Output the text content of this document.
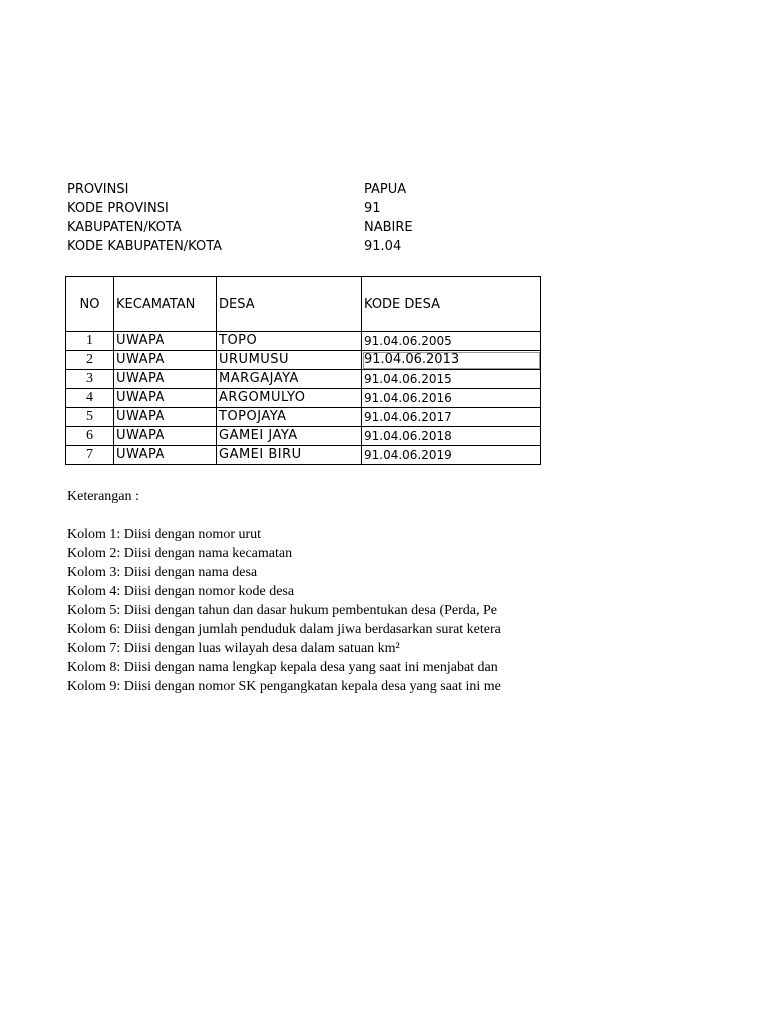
PROVINSI	PAPUA
KODE PROVINSI	91
KABUPATEN/KOTA	NABIRE
KODE KABUPATEN/KOTA	91.04
NO	KECAMATAN	DESA	KODE DESA
1	UWAPA	TOPO	91.04.06.2005
2	UWAPA	URUMUSU	91.04.06.2013
3	UWAPA	MARGAJAYA	91.04.06.2015
4	UWAPA	ARGOMULYO	91.04.06.2016
5	UWAPA	TOPOJAYA	91.04.06.2017
6	UWAPA	GAMEI JAYA	91.04.06.2018
7	UWAPA	GAMEI BIRU	91.04.06.2019
Keterangan :
Kolom 1: Diisi dengan nomor urut
Kolom 2: Diisi dengan nama kecamatan
Kolom 3: Diisi dengan nama desa
Kolom 4: Diisi dengan nomor kode desa
Kolom 5: Diisi dengan tahun dan dasar hukum pembentukan desa (Perda, Pe
Kolom 6: Diisi dengan jumlah penduduk dalam jiwa berdasarkan surat ketera
Kolom 7: Diisi dengan luas wilayah desa dalam satuan km²
Kolom 8: Diisi dengan nama lengkap kepala desa yang saat ini menjabat dan
Kolom 9: Diisi dengan nomor SK pengangkatan kepala desa yang saat ini me
